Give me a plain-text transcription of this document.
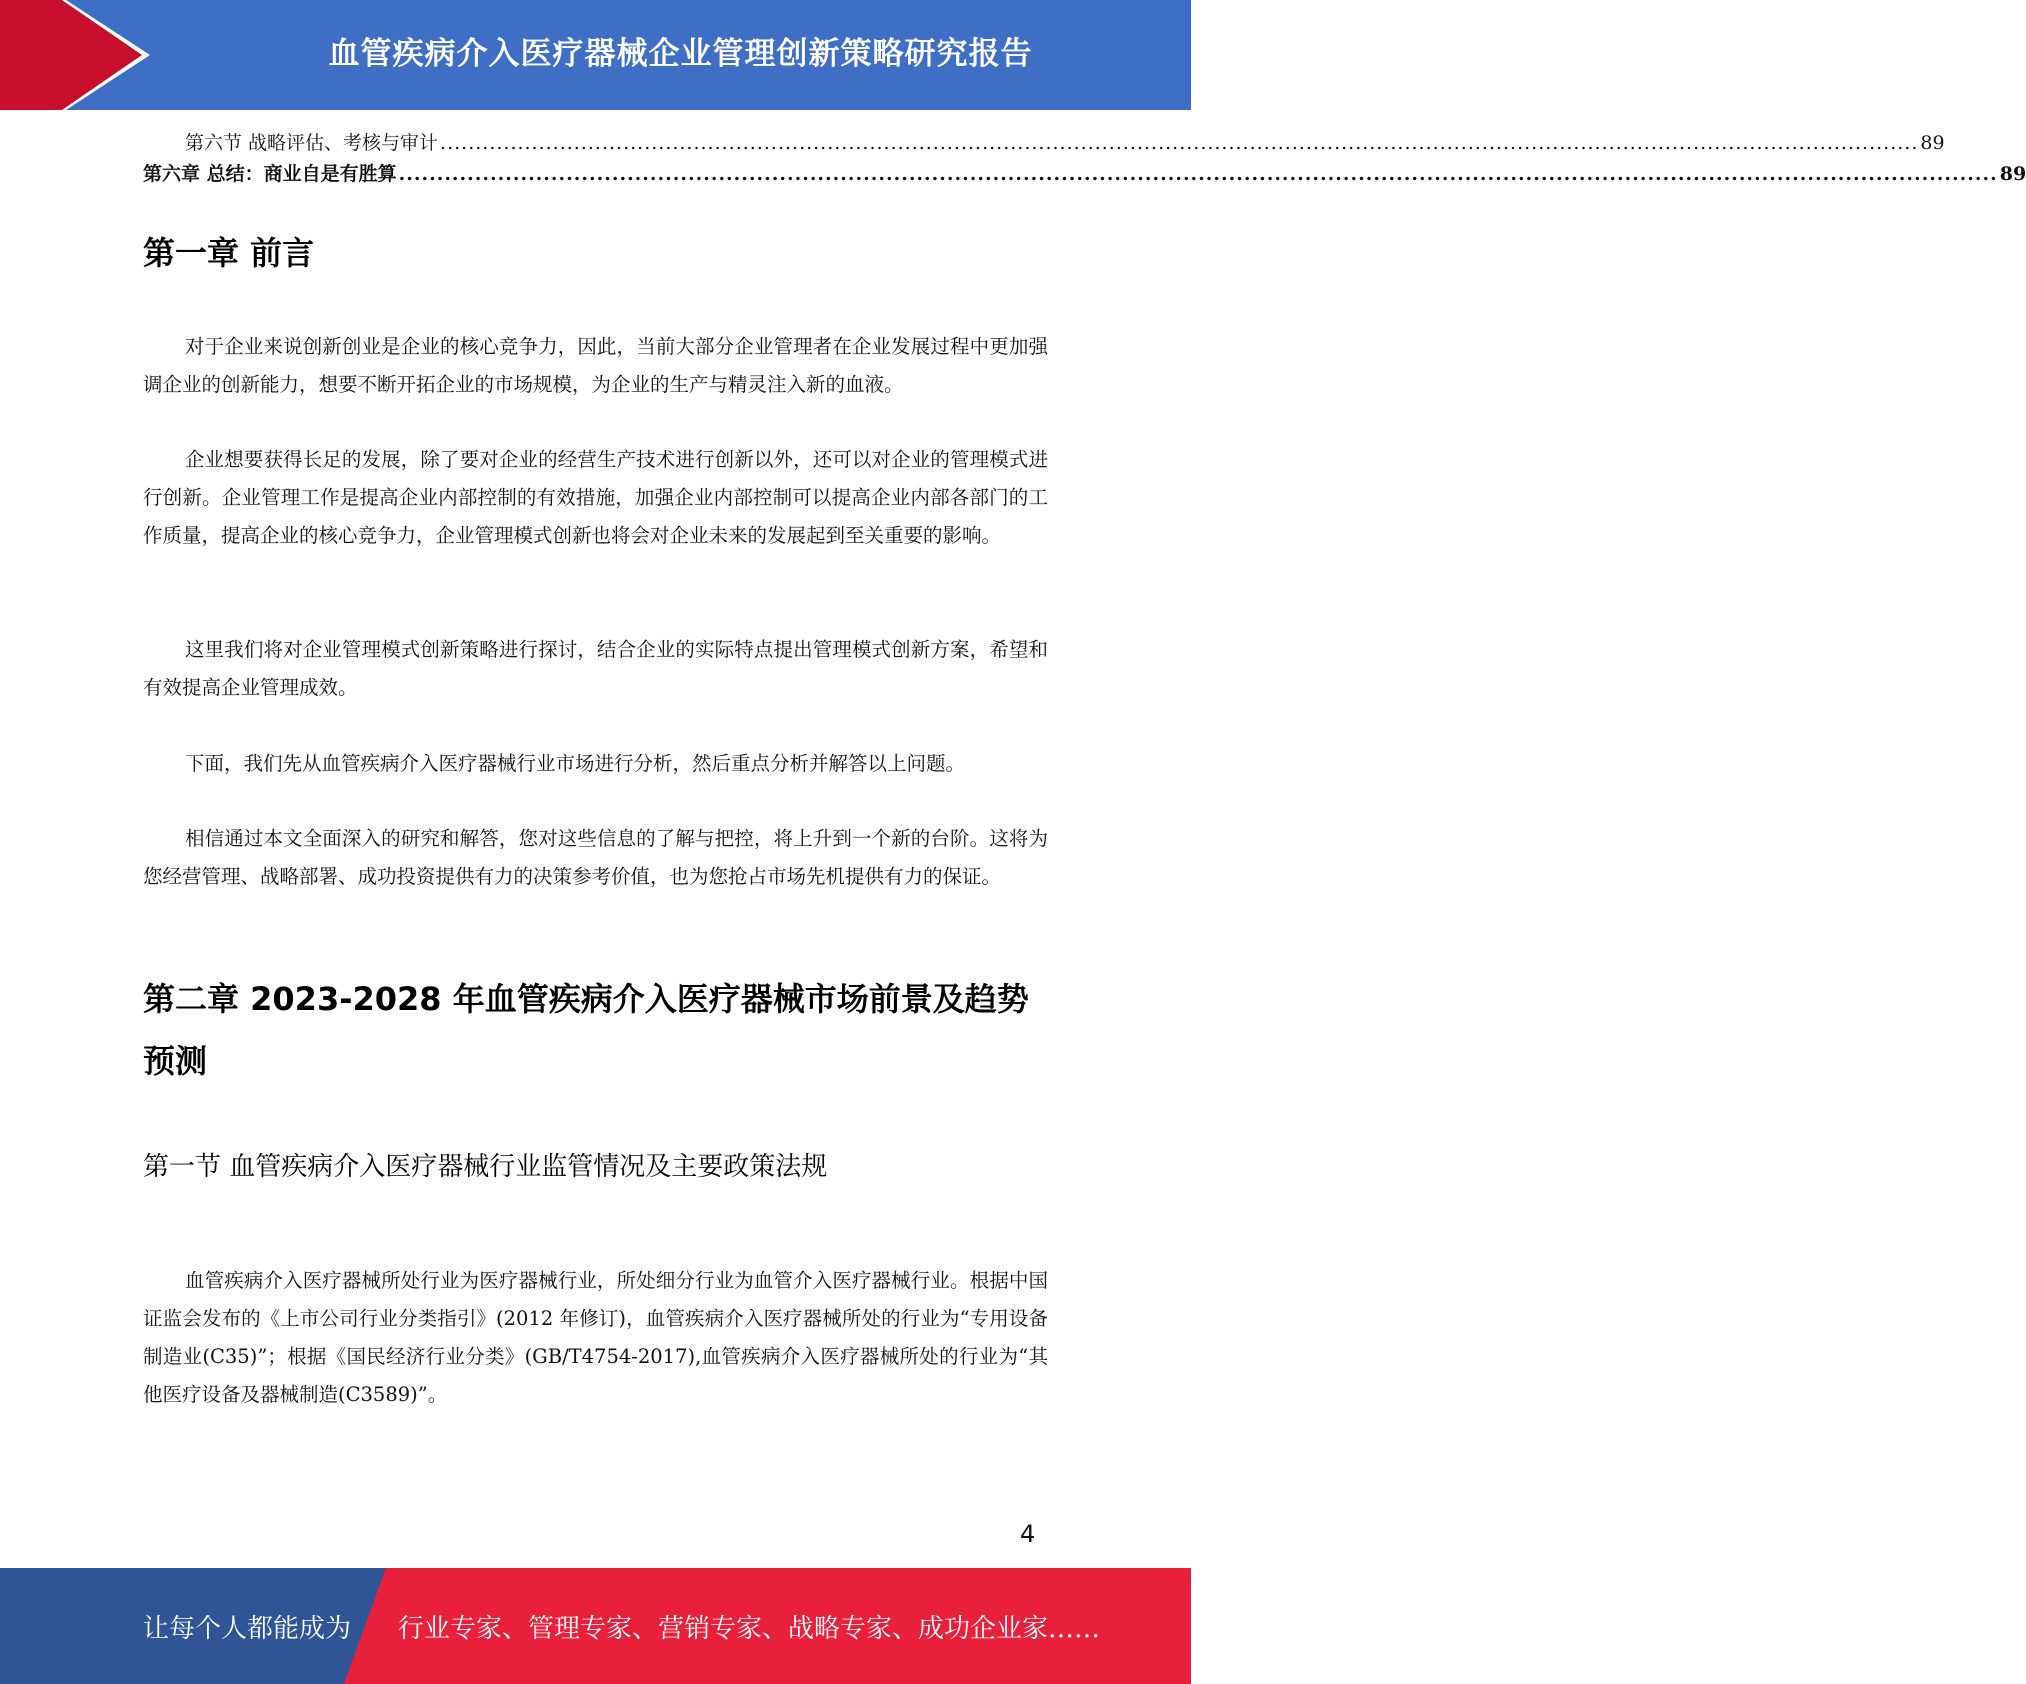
血管疾病介入医疗器械企业管理创新策略研究报告
第六节 战略评估、考核与审计 .................................................................................................................................................................................................................. 89
第六章 总结：商业自是有胜算 .................................................................................................................................................................................................................. 89
第一章 前言

对于企业来说创新创业是企业的核心竞争力，因此，当前大部分企业管理者在企业发展过程中更加强调企业的创新能力，想要不断开拓企业的市场规模，为企业的生产与精灵注入新的血液。

企业想要获得长足的发展，除了要对企业的经营生产技术进行创新以外，还可以对企业的管理模式进行创新。企业管理工作是提高企业内部控制的有效措施，加强企业内部控制可以提高企业内部各部门的工作质量，提高企业的核心竞争力，企业管理模式创新也将会对企业未来的发展起到至关重要的影响。

这里我们将对企业管理模式创新策略进行探讨，结合企业的实际特点提出管理模式创新方案，希望和有效提高企业管理成效。

下面，我们先从血管疾病介入医疗器械行业市场进行分析，然后重点分析并解答以上问题。

相信通过本文全面深入的研究和解答，您对这些信息的了解与把控，将上升到一个新的台阶。这将为您经营管理、战略部署、成功投资提供有力的决策参考价值，也为您抢占市场先机提供有力的保证。

第二章 2023-2028 年血管疾病介入医疗器械市场前景及趋势预测
第一节 血管疾病介入医疗器械行业监管情况及主要政策法规

血管疾病介入医疗器械所处行业为医疗器械行业，所处细分行业为血管介入医疗器械行业。根据中国证监会发布的《上市公司行业分类指引》(2012 年修订)，血管疾病介入医疗器械所处的行业为“专用设备制造业(C35)”；根据《国民经济行业分类》(GB/T4754-2017),血管疾病介入医疗器械所处的行业为“其他医疗设备及器械制造(C3589)”。

4
让每个人都能成为 行业专家、管理专家、营销专家、战略专家、成功企业家……
